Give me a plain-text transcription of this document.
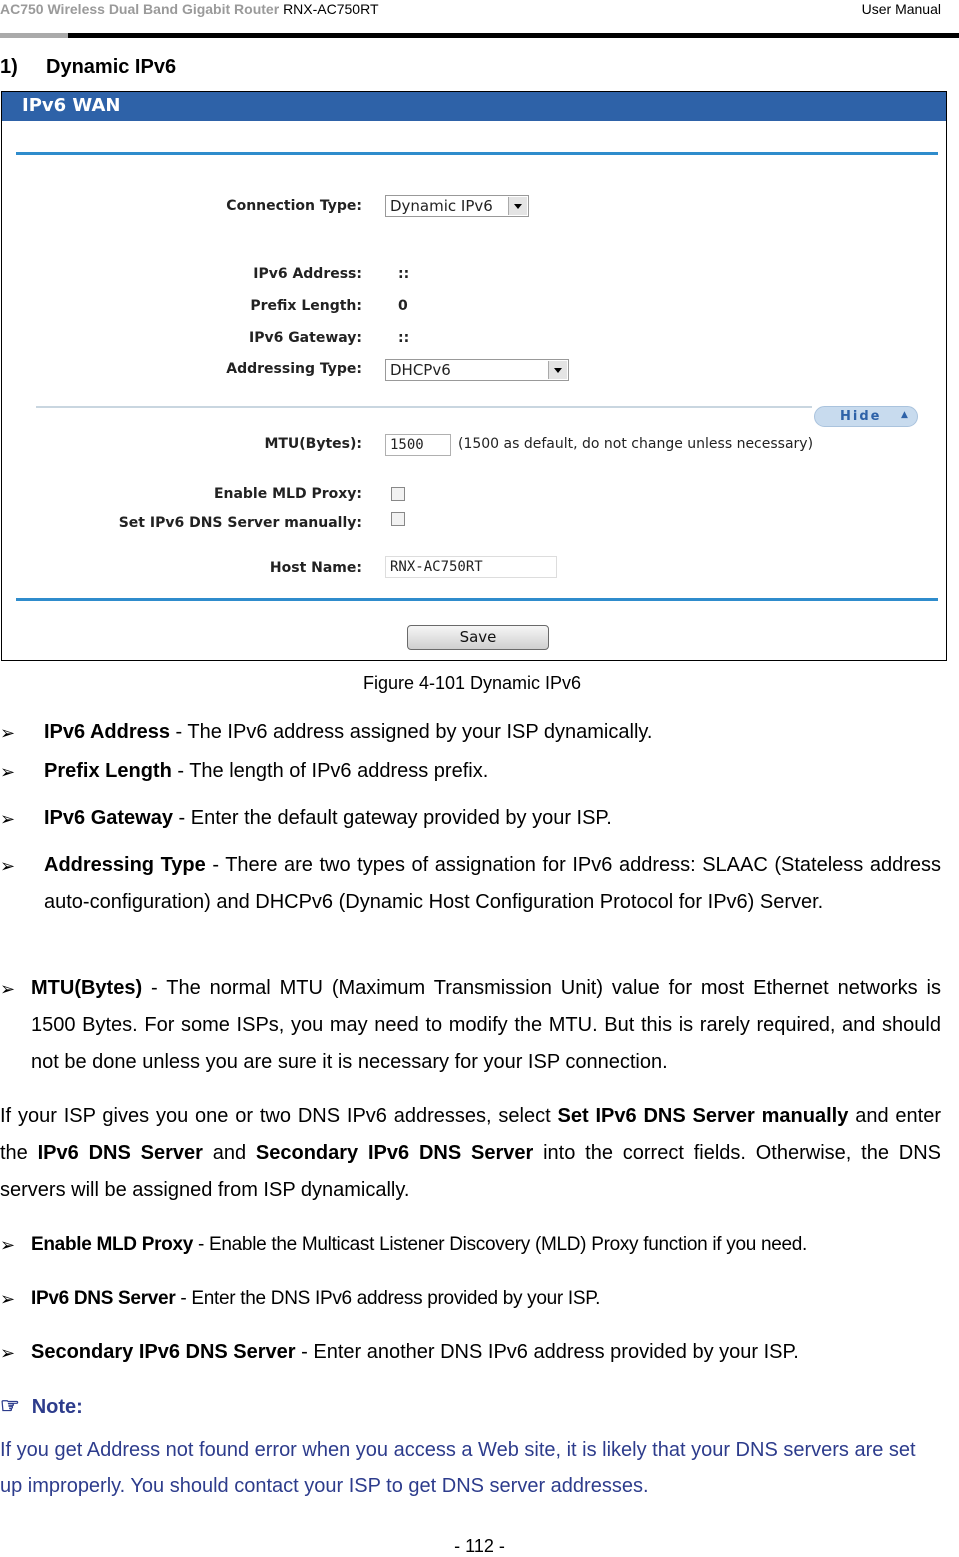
AC750 Wireless Dual Band Gigabit Router RNX-AC750RT	User Manual
1) Dynamic IPv6
IPv6 WAN
Connection Type:	Dynamic IPv6
IPv6 Address:	::
Prefix Length:	0
IPv6 Gateway:	::
Addressing Type:	DHCPv6
Hide ▲
MTU(Bytes):	1500	(1500 as default, do not change unless necessary)
Enable MLD Proxy:
Set IPv6 DNS Server manually:
Host Name:	RNX-AC750RT
Save
Figure 4-101 Dynamic IPv6
➢ IPv6 Address - The IPv6 address assigned by your ISP dynamically.
➢ Prefix Length - The length of IPv6 address prefix.
➢ IPv6 Gateway - Enter the default gateway provided by your ISP.
➢ Addressing Type - There are two types of assignation for IPv6 address: SLAAC (Stateless address auto-configuration) and DHCPv6 (Dynamic Host Configuration Protocol for IPv6) Server.
➢ MTU(Bytes) - The normal MTU (Maximum Transmission Unit) value for most Ethernet networks is 1500 Bytes. For some ISPs, you may need to modify the MTU. But this is rarely required, and should not be done unless you are sure it is necessary for your ISP connection.
If your ISP gives you one or two DNS IPv6 addresses, select Set IPv6 DNS Server manually and enter the IPv6 DNS Server and Secondary IPv6 DNS Server into the correct fields. Otherwise, the DNS servers will be assigned from ISP dynamically.
➢ Enable MLD Proxy - Enable the Multicast Listener Discovery (MLD) Proxy function if you need.
➢ IPv6 DNS Server - Enter the DNS IPv6 address provided by your ISP.
➢ Secondary IPv6 DNS Server - Enter another DNS IPv6 address provided by your ISP.
☞ Note:
If you get Address not found error when you access a Web site, it is likely that your DNS servers are set up improperly. You should contact your ISP to get DNS server addresses.
- 112 -
